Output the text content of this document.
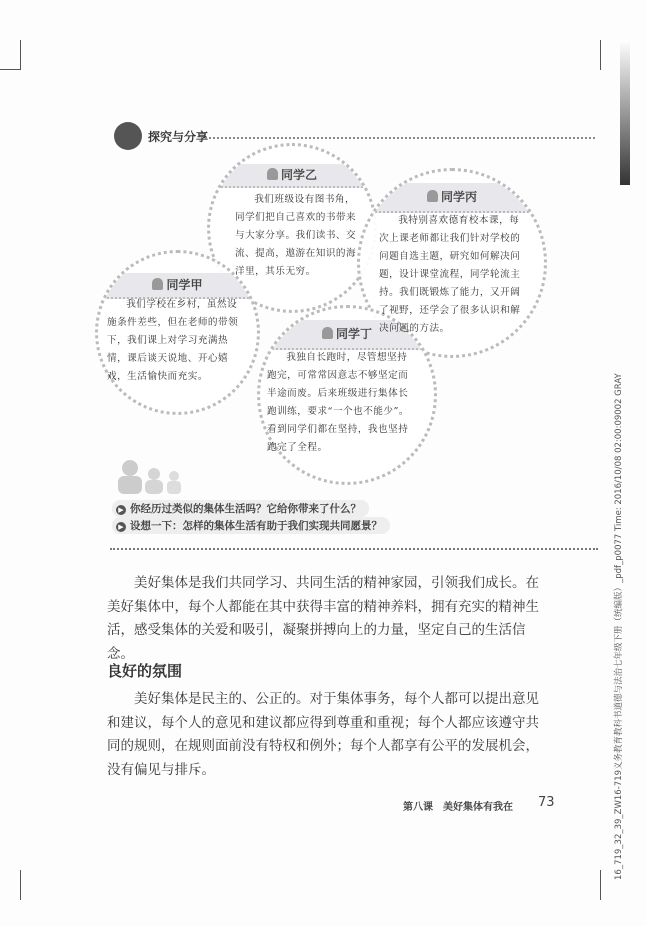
探究与分享
同学乙
同学丙
同学甲
同学丁
我们班级设有图书角，同学们把自己喜欢的书带来与大家分享。我们读书、交流、提高，遨游在知识的海洋里，其乐无穷。
我特别喜欢德育校本课，每次上课老师都让我们针对学校的问题自选主题，研究如何解决问题，设计课堂流程，同学轮流主持。我们既锻炼了能力，又开阔了视野，还学会了很多认识和解决问题的方法。
我们学校在乡村，虽然设施条件差些，但在老师的带领下，我们课上对学习充满热情，课后谈天说地、开心嬉戏，生活愉快而充实。
我独自长跑时，尽管想坚持跑完，可常常因意志不够坚定而半途而废。后来班级进行集体长跑训练，要求“一个也不能少”。看到同学们都在坚持，我也坚持跑完了全程。
▶ 你经历过类似的集体生活吗？它给你带来了什么？
▶ 设想一下：怎样的集体生活有助于我们实现共同愿景？
美好集体是我们共同学习、共同生活的精神家园，引领我们成长。在美好集体中，每个人都能在其中获得丰富的精神养料，拥有充实的精神生活，感受集体的关爱和吸引，凝聚拼搏向上的力量，坚定自己的生活信念。
良好的氛围
美好集体是民主的、公正的。对于集体事务，每个人都可以提出意见和建议，每个人的意见和建议都应得到尊重和重视；每个人都应该遵守共同的规则，在规则面前没有特权和例外；每个人都享有公平的发展机会，没有偏见与排斥。
第八课　美好集体有我在 73	16_719_32_39_ZW16-719义务教育教科书道德与法治七年级下册（统编版）_pdf_p0077 Time: 2016/10/08 02:00:09002 GRAY
